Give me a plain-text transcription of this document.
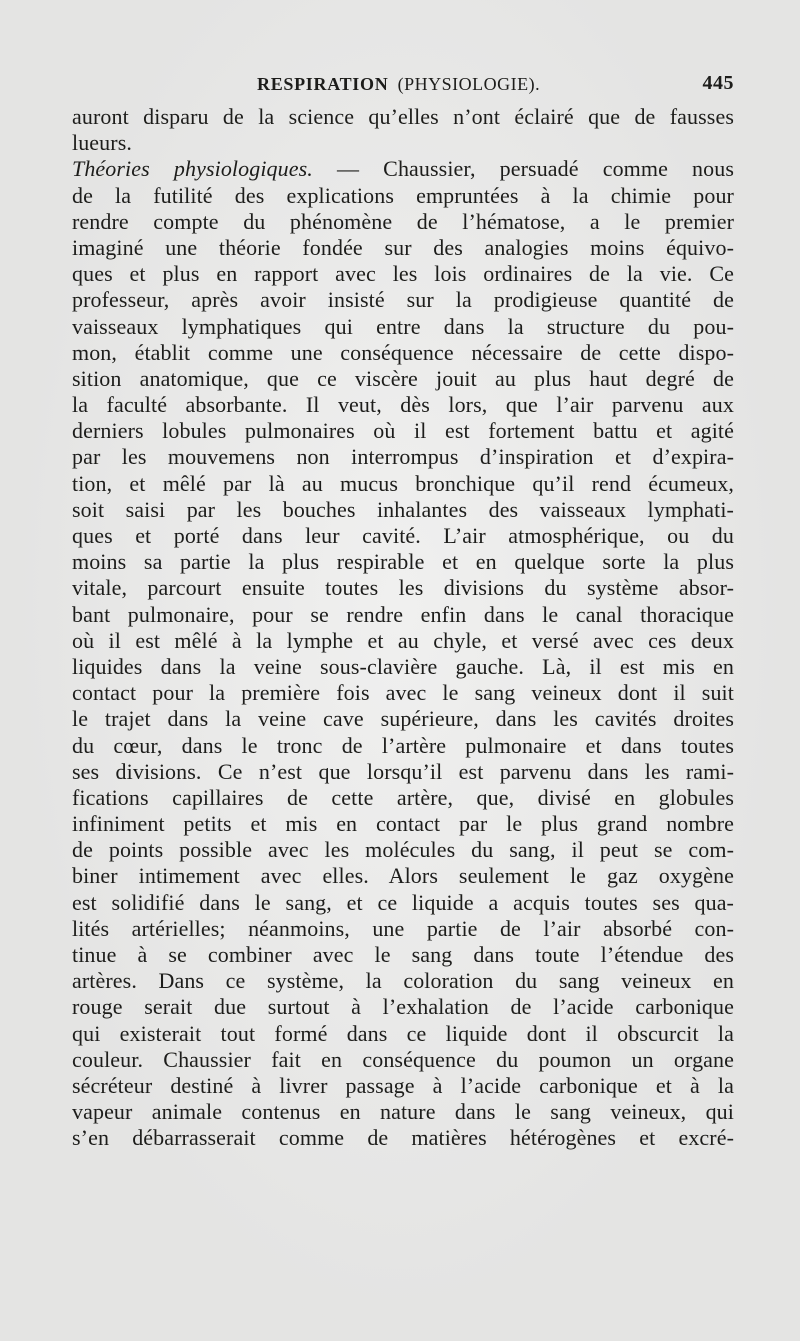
RESPIRATION (PHYSIOLOGIE).	445
auront disparu de la science qu’elles n’ont éclairé que de fausses
lueurs.
Théories physiologiques. — Chaussier, persuadé comme nous
de la futilité des explications empruntées à la chimie pour
rendre compte du phénomène de l’hématose, a le premier
imaginé une théorie fondée sur des analogies moins équivo-
ques et plus en rapport avec les lois ordinaires de la vie. Ce
professeur, après avoir insisté sur la prodigieuse quantité de
vaisseaux lymphatiques qui entre dans la structure du pou-
mon, établit comme une conséquence nécessaire de cette dispo-
sition anatomique, que ce viscère jouit au plus haut degré de
la faculté absorbante. Il veut, dès lors, que l’air parvenu aux
derniers lobules pulmonaires où il est fortement battu et agité
par les mouvemens non interrompus d’inspiration et d’expira-
tion, et mêlé par là au mucus bronchique qu’il rend écumeux,
soit saisi par les bouches inhalantes des vaisseaux lymphati-
ques et porté dans leur cavité. L’air atmosphérique, ou du
moins sa partie la plus respirable et en quelque sorte la plus
vitale, parcourt ensuite toutes les divisions du système absor-
bant pulmonaire, pour se rendre enfin dans le canal thoracique
où il est mêlé à la lymphe et au chyle, et versé avec ces deux
liquides dans la veine sous-clavière gauche. Là, il est mis en
contact pour la première fois avec le sang veineux dont il suit
le trajet dans la veine cave supérieure, dans les cavités droites
du cœur, dans le tronc de l’artère pulmonaire et dans toutes
ses divisions. Ce n’est que lorsqu’il est parvenu dans les rami-
fications capillaires de cette artère, que, divisé en globules
infiniment petits et mis en contact par le plus grand nombre
de points possible avec les molécules du sang, il peut se com-
biner intimement avec elles. Alors seulement le gaz oxygène
est solidifié dans le sang, et ce liquide a acquis toutes ses qua-
lités artérielles; néanmoins, une partie de l’air absorbé con-
tinue à se combiner avec le sang dans toute l’étendue des
artères. Dans ce système, la coloration du sang veineux en
rouge serait due surtout à l’exhalation de l’acide carbonique
qui existerait tout formé dans ce liquide dont il obscurcit la
couleur. Chaussier fait en conséquence du poumon un organe
sécréteur destiné à livrer passage à l’acide carbonique et à la
vapeur animale contenus en nature dans le sang veineux, qui
s’en débarrasserait comme de matières hétérogènes et excré-
